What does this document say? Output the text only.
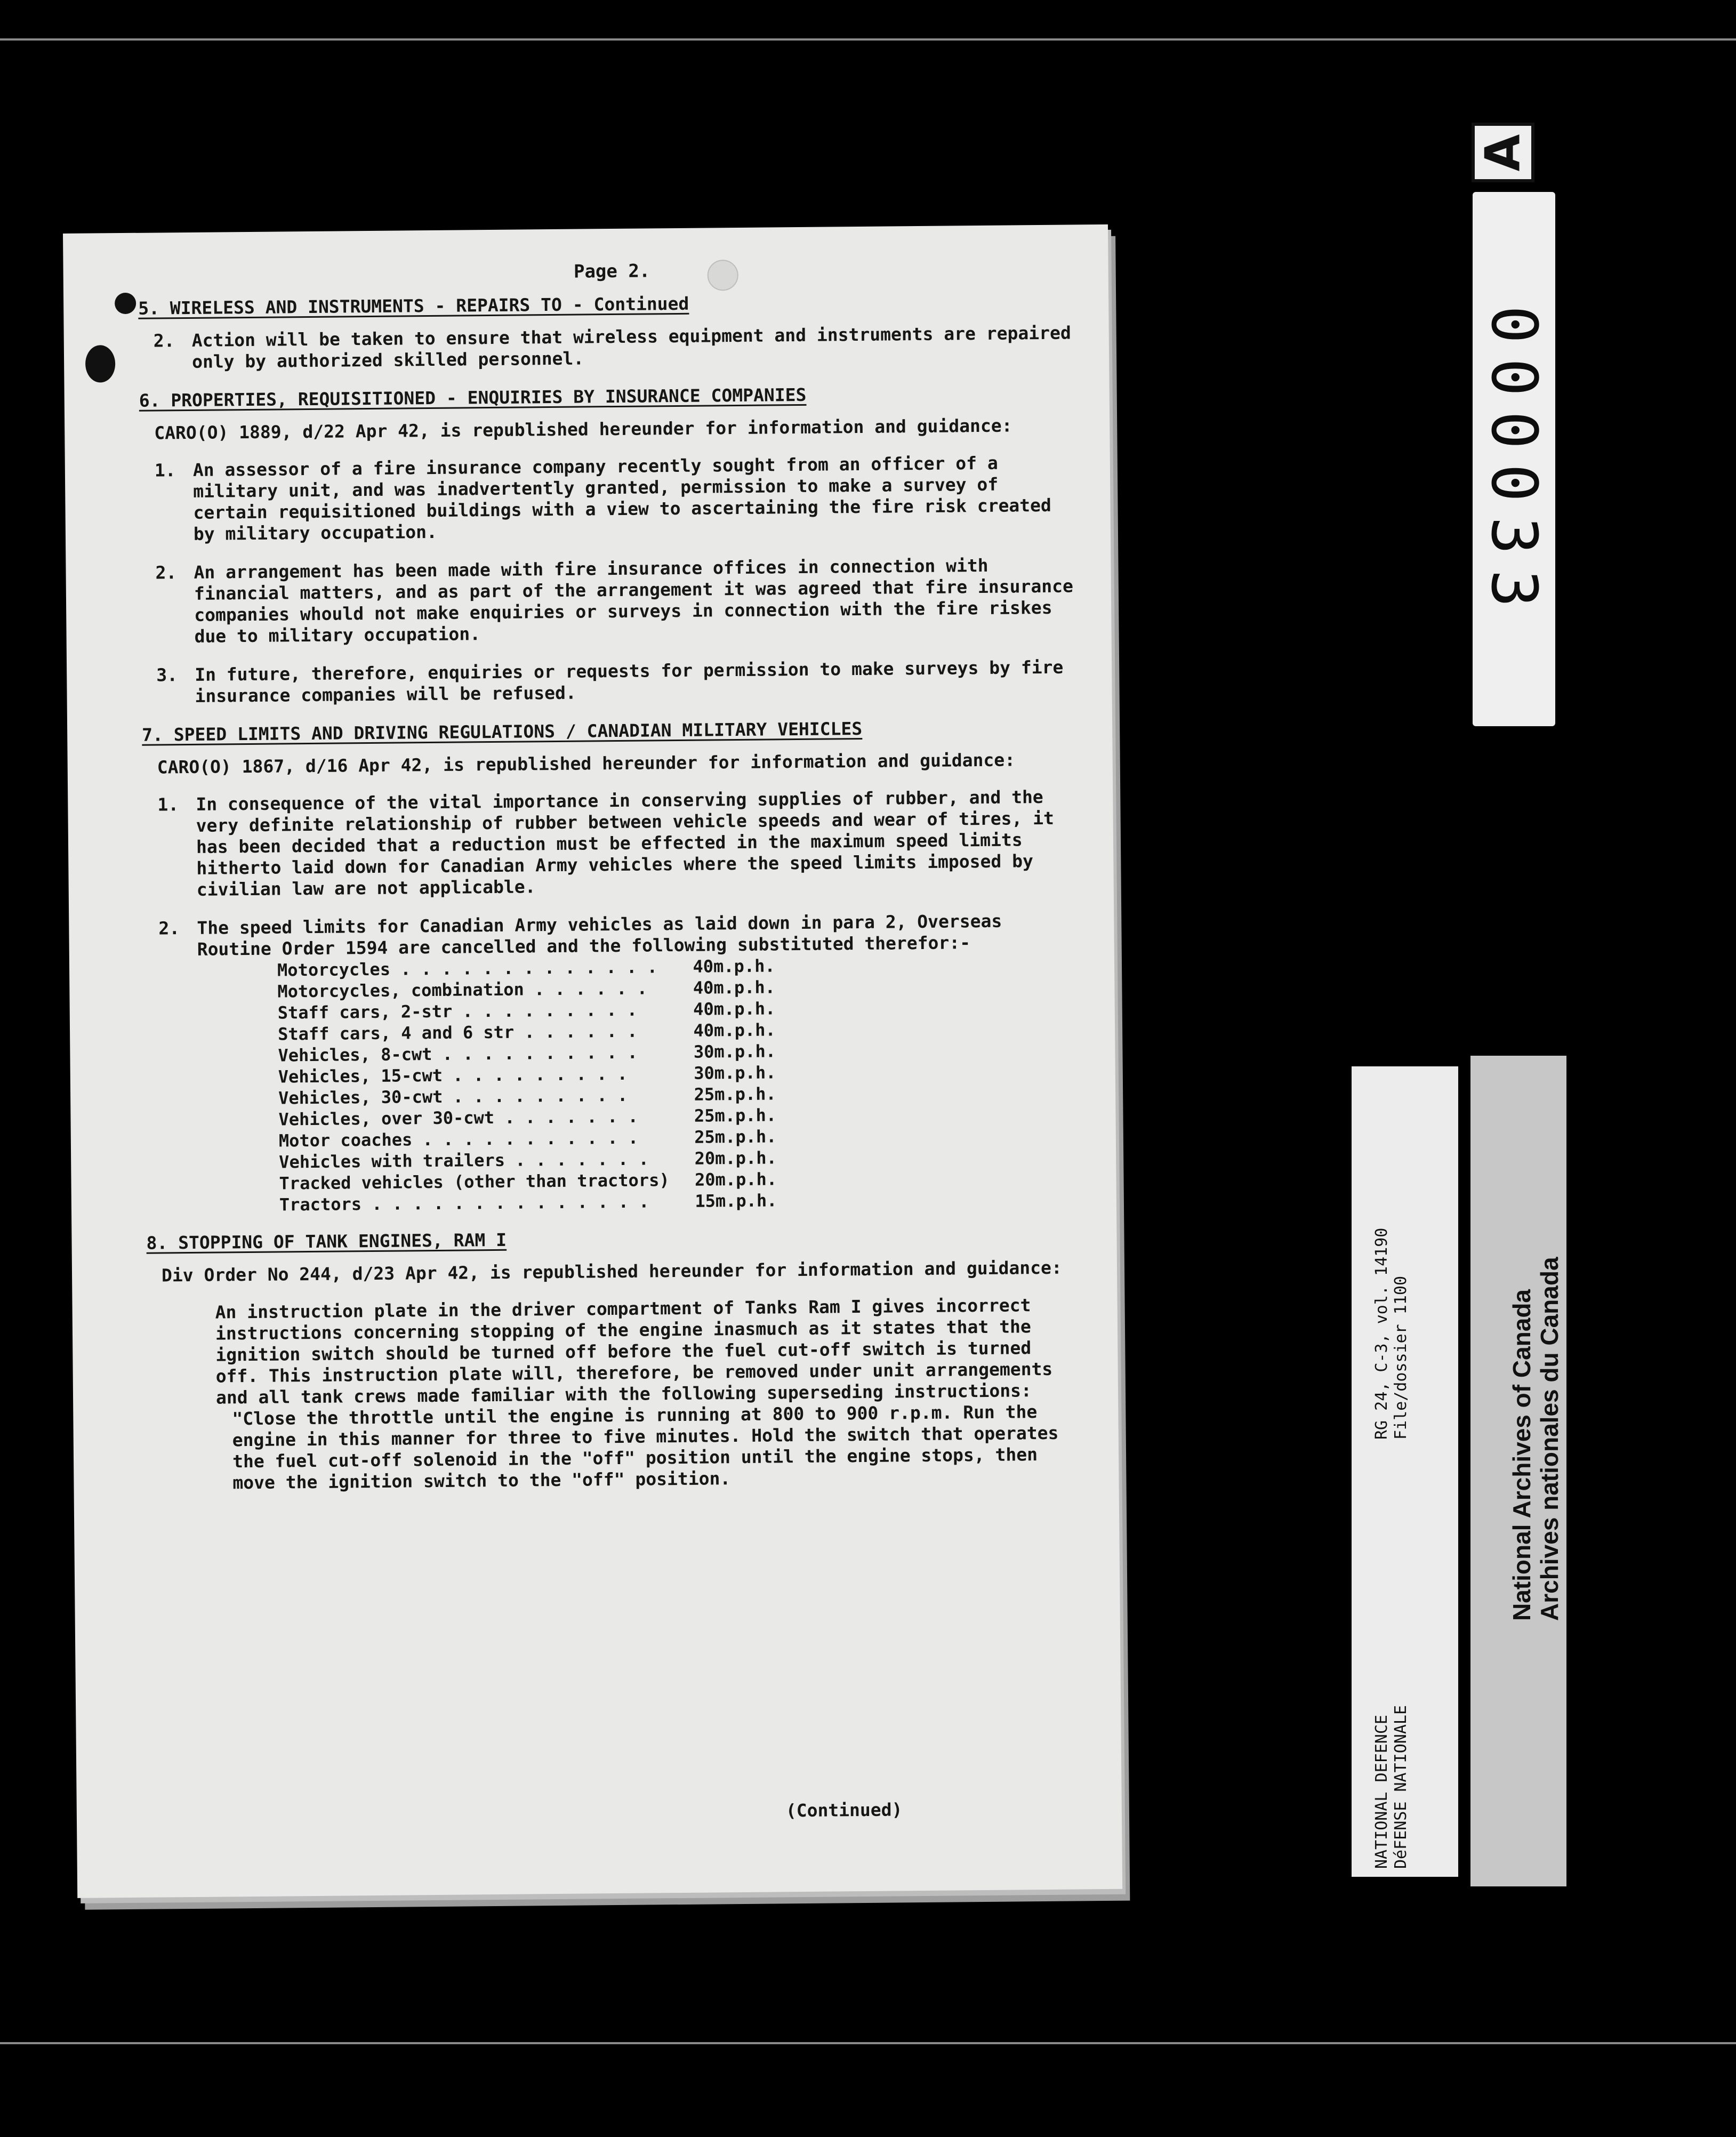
Page 2.
5. WIRELESS AND INSTRUMENTS - REPAIRS TO - Continued
2. Action will be taken to ensure that wireless equipment and instruments are repaired only by authorized skilled personnel.
6. PROPERTIES, REQUISITIONED - ENQUIRIES BY INSURANCE COMPANIES
CARO(O) 1889, d/22 Apr 42, is republished hereunder for information and guidance:
1. An assessor of a fire insurance company recently sought from an officer of a military unit, and was inadvertently granted, permission to make a survey of certain requisitioned buildings with a view to ascertaining the fire risk created by military occupation.
2. An arrangement has been made with fire insurance offices in connection with financial matters, and as part of the arrangement it was agreed that fire insurance companies whould not make enquiries or surveys in connection with the fire riskes due to military occupation.
3. In future, therefore, enquiries or requests for permission to make surveys by fire insurance companies will be refused.
7. SPEED LIMITS AND DRIVING REGULATIONS / CANADIAN MILITARY VEHICLES
CARO(O) 1867, d/16 Apr 42, is republished hereunder for information and guidance:
1. In consequence of the vital importance in conserving supplies of rubber, and the very definite relationship of rubber between vehicle speeds and wear of tires, it has been decided that a reduction must be effected in the maximum speed limits hitherto laid down for Canadian Army vehicles where the speed limits imposed by civilian law are not applicable.
2. The speed limits for Canadian Army vehicles as laid down in para 2, Overseas Routine Order 1594 are cancelled and the following substituted therefor:-
Motorcycles . . . . . . . . . . . . .	40	m.p.h.
Motorcycles, combination . . . . . .	40	m.p.h.
Staff cars, 2-str . . . . . . . . .	40	m.p.h.
Staff cars, 4 and 6 str . . . . . .	40	m.p.h.
Vehicles, 8-cwt . . . . . . . . . .	30	m.p.h.
Vehicles, 15-cwt . . . . . . . . .	30	m.p.h.
Vehicles, 30-cwt . . . . . . . . .	25	m.p.h.
Vehicles, over 30-cwt . . . . . . .	25	m.p.h.
Motor coaches . . . . . . . . . . .	25	m.p.h.
Vehicles with trailers . . . . . . .	20	m.p.h.
Tracked vehicles (other than tractors)	20	m.p.h.
Tractors . . . . . . . . . . . . . .	15	m.p.h.
8. STOPPING OF TANK ENGINES, RAM I
Div Order No 244, d/23 Apr 42, is republished hereunder for information and guidance:
An instruction plate in the driver compartment of Tanks Ram I gives incorrect instructions concerning stopping of the engine inasmuch as it states that the ignition switch should be turned off before the fuel cut-off switch is turned off. This instruction plate will, therefore, be removed under unit arrangements and all tank crews made familiar with the following superseding instructions:
"Close the throttle until the engine is running at 800 to 900 r.p.m. Run the engine in this manner for three to five minutes. Hold the switch that operates the fuel cut-off solenoid in the "off" position until the engine stops, then move the ignition switch to the "off" position.
(Continued)
A
000033
RG 24, C-3, vol. 14190 File/dossier 1100
NATIONAL DEFENCE DéFENSE NATIONALE
National Archives of Canada Archives nationales du Canada
